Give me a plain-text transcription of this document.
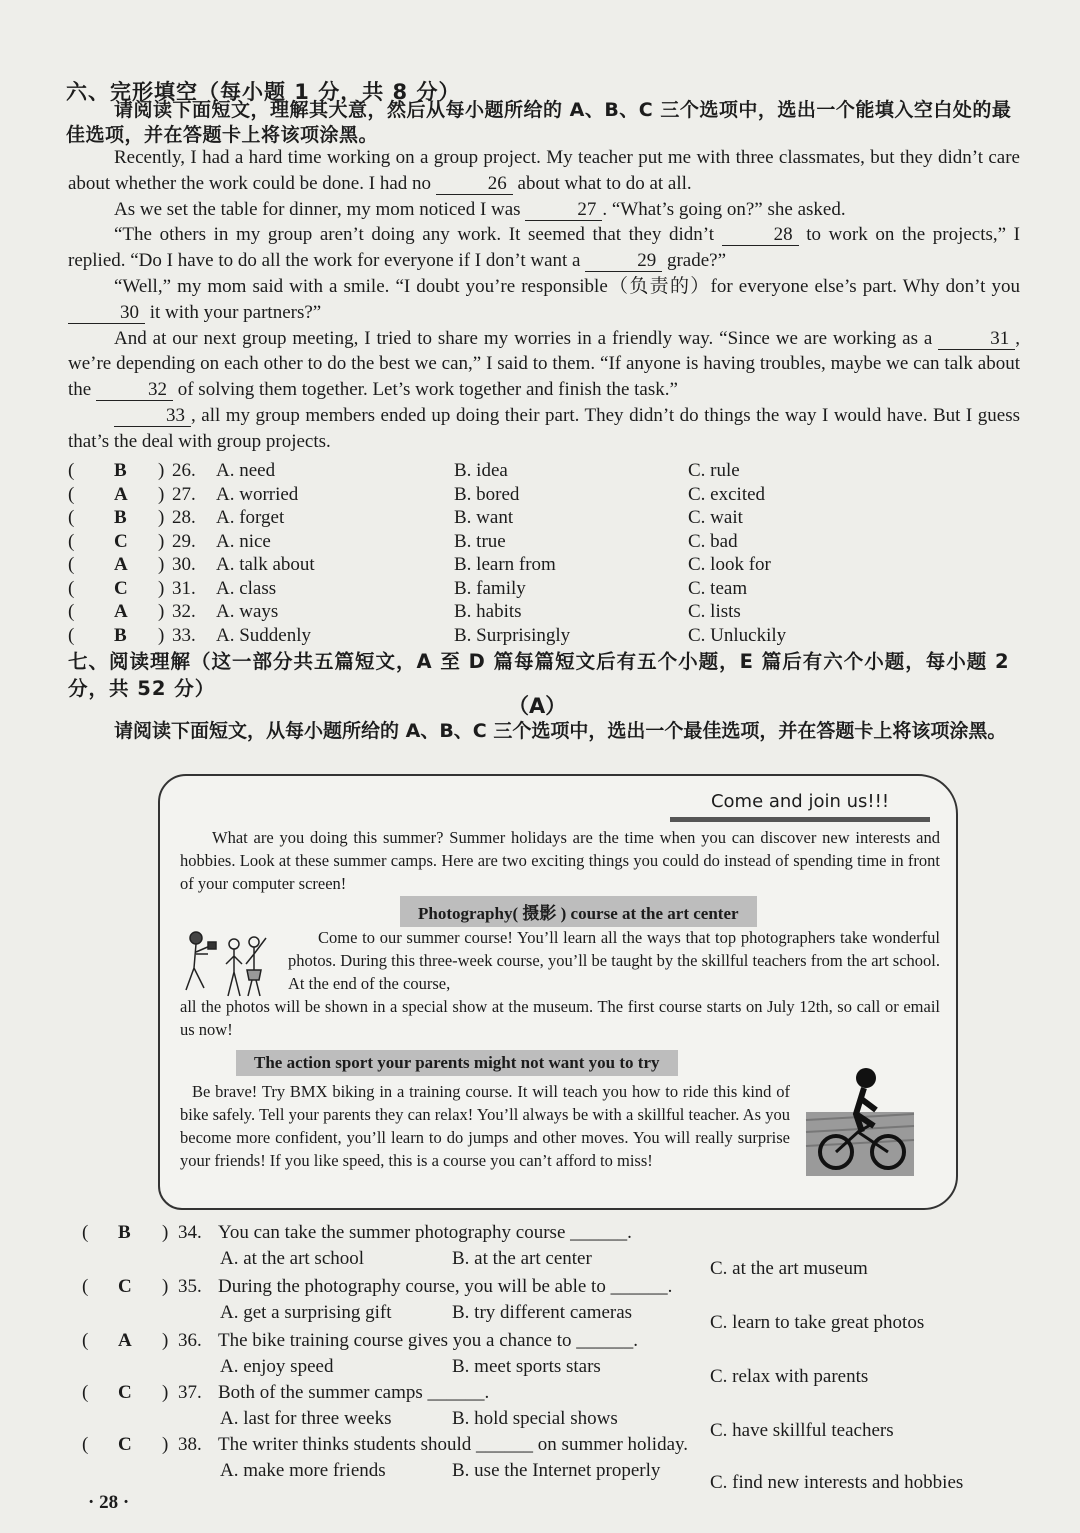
六、完形填空（每小题 1 分，共 8 分）
请阅读下面短文，理解其大意，然后从每小题所给的 A、B、C 三个选项中，选出一个能填入空白处的最佳选项，并在答题卡上将该项涂黑。

Recently, I had a hard time working on a group project. My teacher put me with three classmates, but they didn’t care about whether the work could be done. I had no	26 about what to do at all.

As we set the table for dinner, my mom noticed I was	27 . “What’s going on?” she asked.

“The others in my group aren’t doing any work. It seemed that they didn’t	28 to work on the projects,” I replied. “Do I have to do all the work for everyone if I don’t want a	29 grade?”

“Well,” my mom said with a smile. “I doubt you’re responsible（负责的）for everyone else’s part. Why don’t you 30 it with your partners?”

And at our next group meeting, I tried to share my worries in a friendly way. “Since we are working as a	31 , we’re depending on each other to do the best we can,” I said to them. “If anyone is having troubles, maybe we can talk about the	32 of solving them together. Let’s work together and finish the task.”

33 , all my group members ended up doing their part. They didn’t do things the way I would have. But I guess that’s the deal with group projects.

( B ) 26. A. need	B. idea	C. rule
( A ) 27. A. worried	B. bored	C. excited
( B ) 28. A. forget	B. want	C. wait
( C ) 29. A. nice	B. true	C. bad
( A ) 30. A. talk about	B. learn from	C. look for
( C ) 31. A. class	B. family	C. team
( A ) 32. A. ways	B. habits	C. lists
( B ) 33. A. Suddenly	B. Surprisingly	C. Unluckily
七、阅读理解（这一部分共五篇短文，A 至 D 篇每篇短文后有五个小题，E 篇后有六个小题，每小题 2 分，共 52 分）
（A）
请阅读下面短文，从每小题所给的 A、B、C 三个选项中，选出一个最佳选项，并在答题卡上将该项涂黑。
Come and join us!!!
What are you doing this summer? Summer holidays are the time when you can discover new interests and hobbies. Look at these summer camps. Here are two exciting things you could do instead of spending time in front of your computer screen!
Photography( 摄影 ) course at the art center
Come to our summer course! You’ll learn all the ways that top photographers take wonderful photos. During this three-week course, you’ll be taught by the skillful teachers from the art school. At the end of the course,
all the photos will be shown in a special show at the museum. The first course starts on July 12th, so call or email us now!
The action sport your parents might not want you to try
Be brave! Try BMX biking in a training course. It will teach you how to ride this kind of bike safely. Tell your parents they can relax! You’ll always be with a skillful teacher. As you become more confident, you’ll learn to do jumps and other moves. You will really surprise your friends! If you like speed, this is a course you can’t afford to miss!
( B ) 34. You can take the summer photography course ______.
A. at the art school	B. at the art center	C. at the art museum
( C ) 35. During the photography course, you will be able to ______.
A. get a surprising gift	B. try different cameras	C. learn to take great photos
( A ) 36. The bike training course gives you a chance to ______.
A. enjoy speed	B. meet sports stars	C. relax with parents
( C ) 37. Both of the summer camps ______.
A. last for three weeks	B. hold special shows
C. have skillful teachers
( C ) 38. The writer thinks students should ______ on summer holiday.
A. make more friends	B. use the Internet properly
C. find new interests and hobbies
· 28 ·
